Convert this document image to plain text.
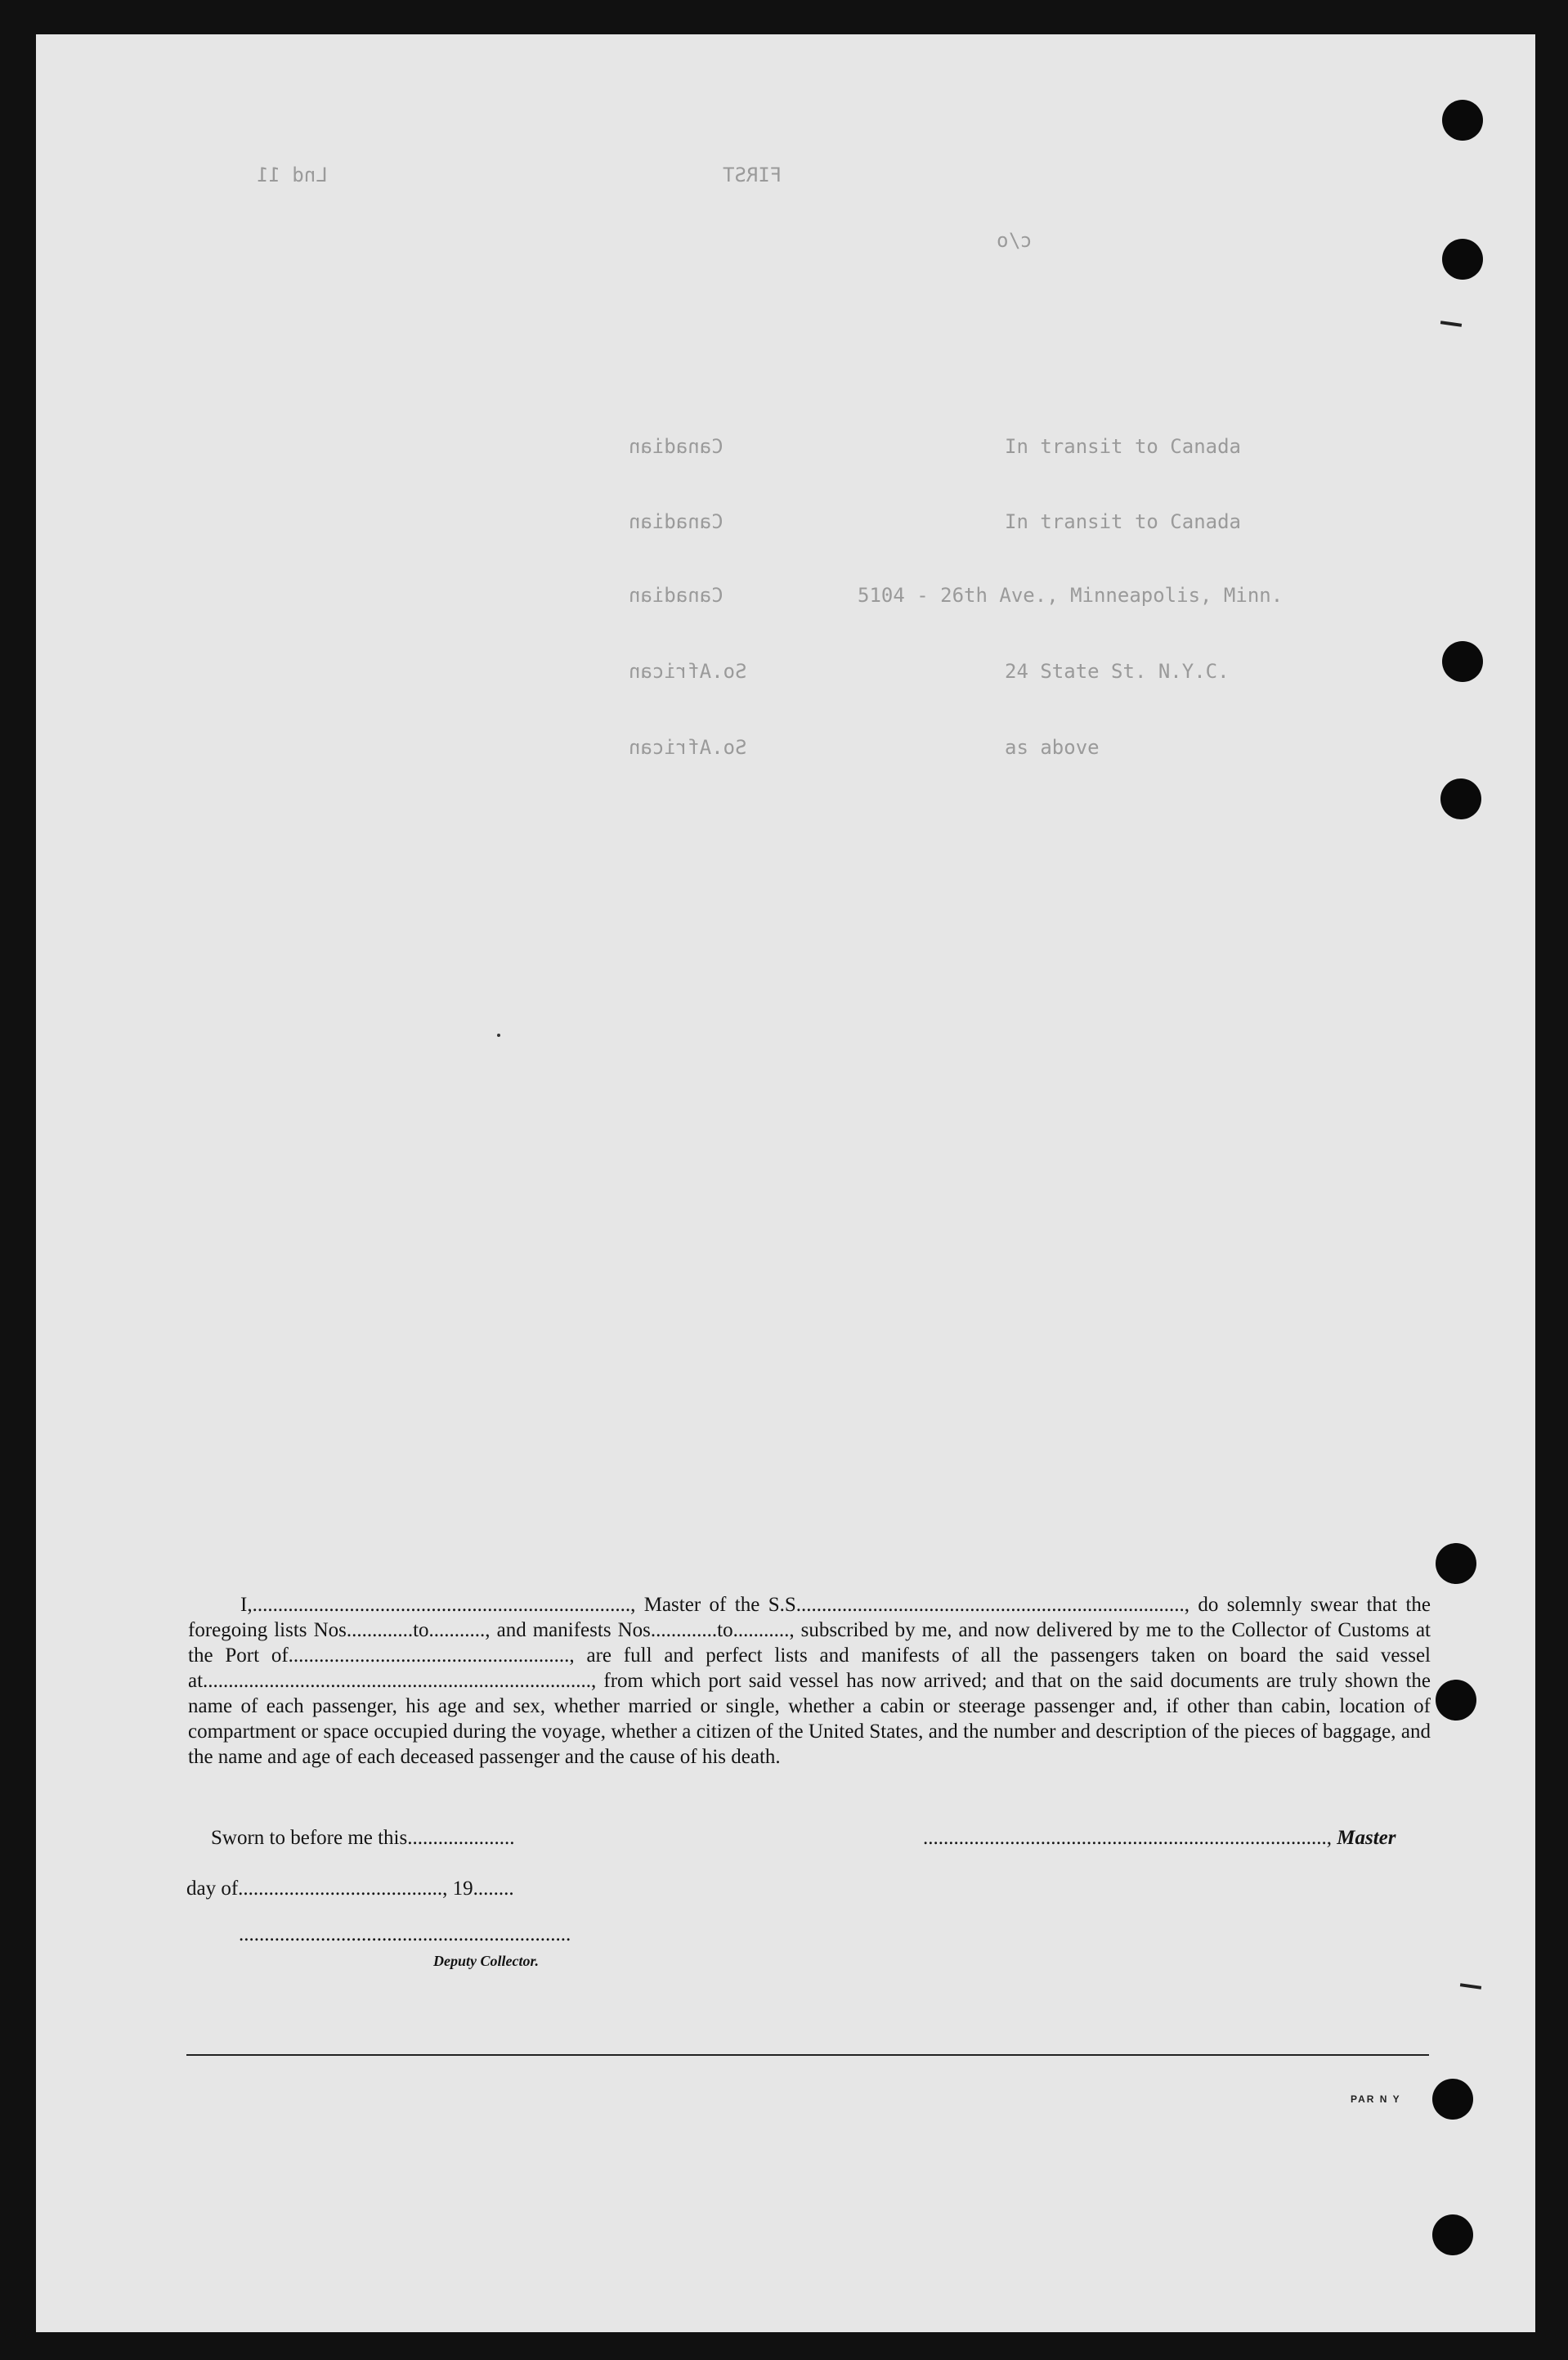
Lnd 11	FIRST
c/o
In transit to Canada
Canadian
In transit to Canada
Canadian
5104 - 26th Ave., Minneapolis, Minn.
Canadian
24 State St. N.Y.C.
So.African
as above
So.African

I,.........................................................................., Master of the S.S............................................................................, do solemnly swear that the foregoing lists Nos.............to..........., and manifests Nos.............to..........., subscribed by me, and now delivered by me to the Collector of Customs at the Port of......................................................., are full and perfect lists and manifests of all the passengers taken on board the said vessel at............................................................................, from which port said vessel has now arrived; and that on the said documents are truly shown the name of each passenger, his age and sex, whether married or single, whether a cabin or steerage passenger and, if other than cabin, location of compartment or space occupied during the voyage, whether a citizen of the United States, and the number and description of the pieces of baggage, and the name and age of each deceased passenger and the cause of his death.

Sworn to before me this.....................	..............................................................................., Master
day of........................................, 19........
.................................................................
Deputy Collector.
PAR N Y
